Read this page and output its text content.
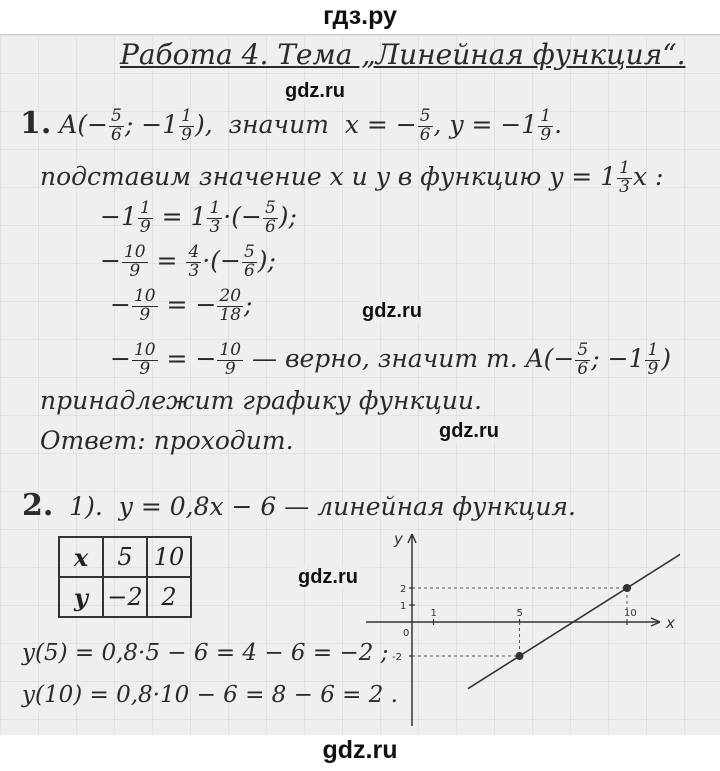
гдз.ру
Работа 4. Тема „Линейная функция“.
1. $A(- \frac{5}{6}$ ; $-1 \frac{1}{9}$ ), значит x = − $\frac{5}{6}$ , $y = -1 \frac{1}{9}$ .
gdz.ru
подставим значение x и y в функцию $y = 1 \frac{1}{3}$ x :
$-1 \frac{1}{9} = 1 \frac{1}{3}$ ·(− $\frac{5}{6}$ );
− $\frac{10}{9} = \frac{4}{3}$ ·(− $\frac{5}{6}$ );
− $\frac{10}{9}$ = − $\frac{20}{18}$ ;	gdz.ru
− $\frac{10}{9}$ = − $\frac{10}{9}$ — верно, значит т. $A(- \frac{5}{6}$ ; $-1 \frac{1}{9}$ )
принадлежит графику функции.
Ответ: проходит.	gdz.ru
2. 1). y = 0,8x − 6 — линейная функция.
x	5	10
y	−2	2
gdz.ru
y(5) = 0,8·5 − 6 = 4 − 6 = −2 ;
y(10) = 0,8·10 − 6 = 8 − 6 = 2 .
x
y
0
1	5	10
2
1
-2
gdz.ru
